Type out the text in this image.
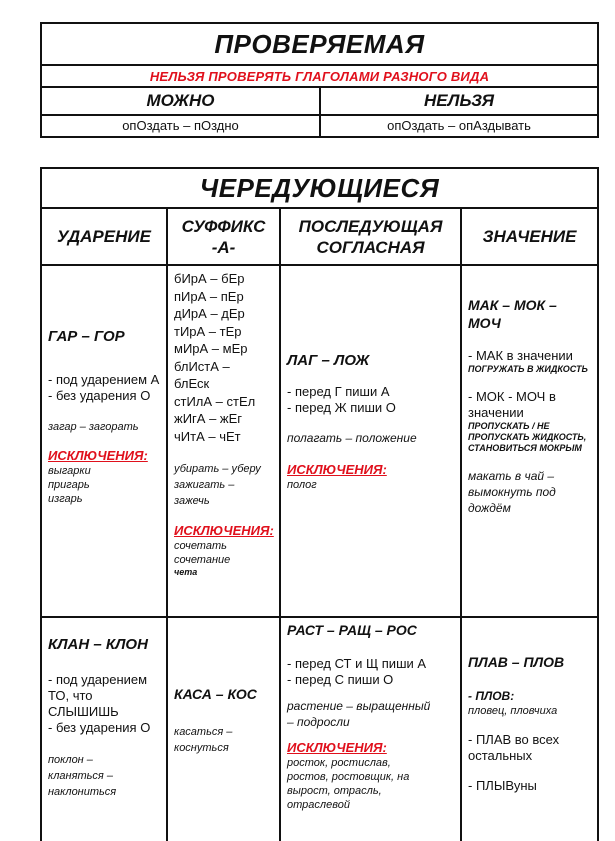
ПРОВЕРЯЕМАЯ
НЕЛЬЗЯ ПРОВЕРЯТЬ ГЛАГОЛАМИ РАЗНОГО ВИДА
МОЖНО	НЕЛЬЗЯ
опОздать – пОздно	опОздать – опАздывать
ЧЕРЕДУЮЩИЕСЯ
УДАРЕНИЕ
СУФФИКС
-А-
ПОСЛЕДУЮЩАЯ
СОГЛАСНАЯ
ЗНАЧЕНИЕ
ГАР – ГОР
- под ударением А
- без ударения О
загар – загорать
ИСКЛЮЧЕНИЯ:
выгарки
пригарь
изгарь
бИрА – бЕр
пИрА – пЕр
дИрА – дЕр
тИрА – тЕр
мИрА – мЕр
блИстА –
блЕск
стИлА – стЕл
жИгА – жЕг
чИтА – чЕт
убирать – уберу
зажигать –
зажечь
ИСКЛЮЧЕНИЯ:
сочетать
сочетание
чета
ЛАГ – ЛОЖ
- перед Г пиши А
- перед Ж пиши О
полагать – положение
ИСКЛЮЧЕНИЯ:
полог
МАК – МОК –
МОЧ
- МАК в значении
ПОГРУЖАТЬ В ЖИДКОСТЬ
- МОК - МОЧ в значении
ПРОПУСКАТЬ / НЕ ПРОПУСКАТЬ ЖИДКОСТЬ, СТАНОВИТЬСЯ МОКРЫМ
макать в чай –
вымокнуть под дождём
КЛАН – КЛОН
- под ударением ТО, что СЛЫШИШЬ
- без ударения О
поклон –
кланяться –
наклониться
КАСА – КОС
касаться –
коснуться
РАСТ – РАЩ – РОС
- перед СТ и Щ пиши А
- перед С пиши О
растение – выращенный
– подросли
ИСКЛЮЧЕНИЯ:
росток, ростислав,
ростов, ростовщик, на
вырост, отрасль,
отраслевой
ПЛАВ – ПЛОВ
- ПЛОВ:
пловец, пловчиха
- ПЛАВ во всех остальных
- ПЛЫВуны
